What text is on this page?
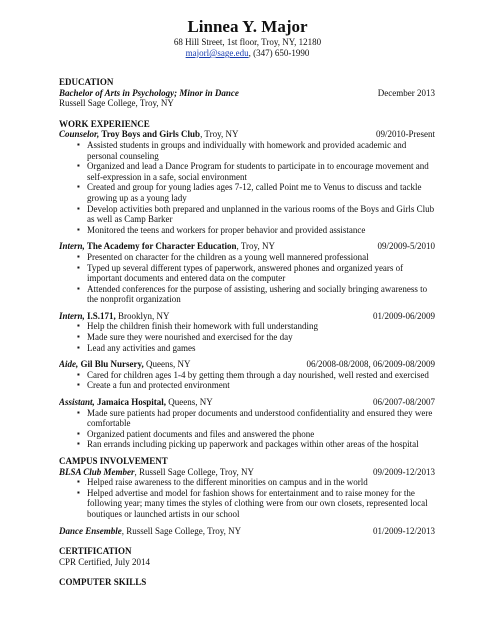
Linnea Y. Major
68 Hill Street, 1st floor, Troy, NY, 12180
majorl@sage.edu, (347) 650-1990
EDUCATION
Bachelor of Arts in Psychology; Minor in Dance	December 2013
Russell Sage College, Troy, NY
WORK EXPERIENCE
Counselor, Troy Boys and Girls Club, Troy, NY	09/2010-Present
▪ Assisted students in groups and individually with homework and provided academic and personal counseling
▪ Organized and lead a Dance Program for students to participate in to encourage movement and self-expression in a safe, social environment
▪ Created and group for young ladies ages 7-12, called Point me to Venus to discuss and tackle growing up as a young lady
▪ Develop activities both prepared and unplanned in the various rooms of the Boys and Girls Club as well as Camp Barker
▪ Monitored the teens and workers for proper behavior and provided assistance
Intern, The Academy for Character Education, Troy, NY	09/2009-5/2010
▪ Presented on character for the children as a young well mannered professional
▪ Typed up several different types of paperwork, answered phones and organized years of important documents and entered data on the computer
▪ Attended conferences for the purpose of assisting, ushering and socially bringing awareness to the nonprofit organization
Intern, I.S.171, Brooklyn, NY	01/2009-06/2009
▪ Help the children finish their homework with full understanding
▪ Made sure they were nourished and exercised for the day
▪ Lead any activities and games
Aide, Gil Blu Nursery, Queens, NY	06/2008-08/2008, 06/2009-08/2009
▪ Cared for children ages 1-4 by getting them through a day nourished, well rested and exercised
▪ Create a fun and protected environment
Assistant, Jamaica Hospital, Queens, NY	06/2007-08/2007
▪ Made sure patients had proper documents and understood confidentiality and ensured they were comfortable
▪ Organized patient documents and files and answered the phone
▪ Ran errands including picking up paperwork and packages within other areas of the hospital
CAMPUS INVOLVEMENT
BLSA Club Member, Russell Sage College, Troy, NY	09/2009-12/2013
▪ Helped raise awareness to the different minorities on campus and in the world
▪ Helped advertise and model for fashion shows for entertainment and to raise money for the following year; many times the styles of clothing were from our own closets, represented local boutiques or launched artists in our school
Dance Ensemble, Russell Sage College, Troy, NY	01/2009-12/2013
CERTIFICATION
CPR Certified, July 2014
COMPUTER SKILLS
